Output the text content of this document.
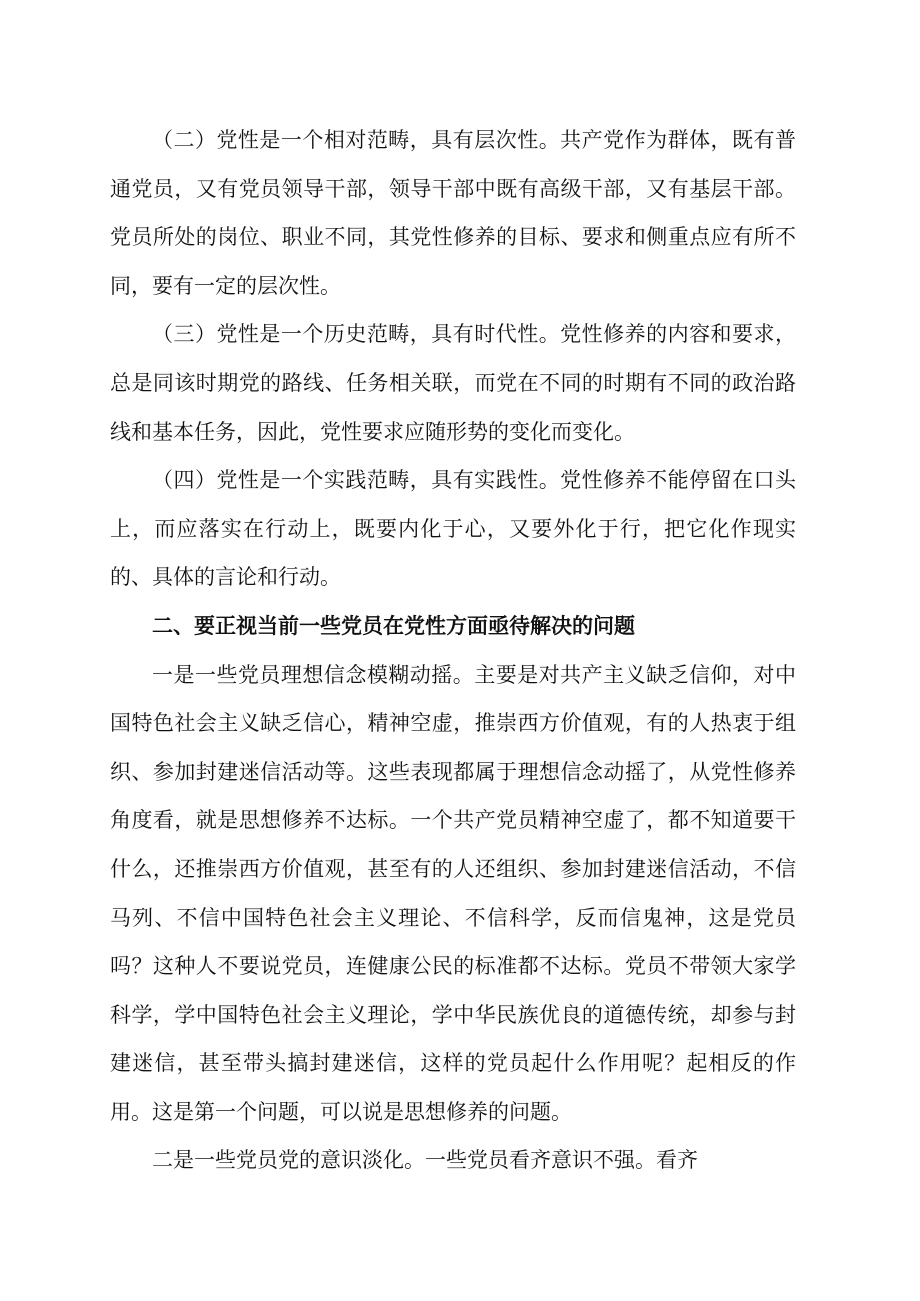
（二）党性是一个相对范畴，具有层次性。共产党作为群体，既有普通党员，又有党员领导干部，领导干部中既有高级干部，又有基层干部。党员所处的岗位、职业不同，其党性修养的目标、要求和侧重点应有所不同，要有一定的层次性。

（三）党性是一个历史范畴，具有时代性。党性修养的内容和要求，总是同该时期党的路线、任务相关联，而党在不同的时期有不同的政治路线和基本任务，因此，党性要求应随形势的变化而变化。

（四）党性是一个实践范畴，具有实践性。党性修养不能停留在口头上，而应落实在行动上，既要内化于心，又要外化于行，把它化作现实的、具体的言论和行动。

二、要正视当前一些党员在党性方面亟待解决的问题

一是一些党员理想信念模糊动摇。主要是对共产主义缺乏信仰，对中国特色社会主义缺乏信心，精神空虚，推崇西方价值观，有的人热衷于组织、参加封建迷信活动等。这些表现都属于理想信念动摇了，从党性修养角度看，就是思想修养不达标。一个共产党员精神空虚了，都不知道要干什么，还推崇西方价值观，甚至有的人还组织、参加封建迷信活动，不信马列、不信中国特色社会主义理论、不信科学，反而信鬼神，这是党员吗？这种人不要说党员，连健康公民的标准都不达标。党员不带领大家学科学，学中国特色社会主义理论，学中华民族优良的道德传统，却参与封建迷信，甚至带头搞封建迷信，这样的党员起什么作用呢？起相反的作用。这是第一个问题，可以说是思想修养的问题。

二是一些党员党的意识淡化。一些党员看齐意识不强。看齐
